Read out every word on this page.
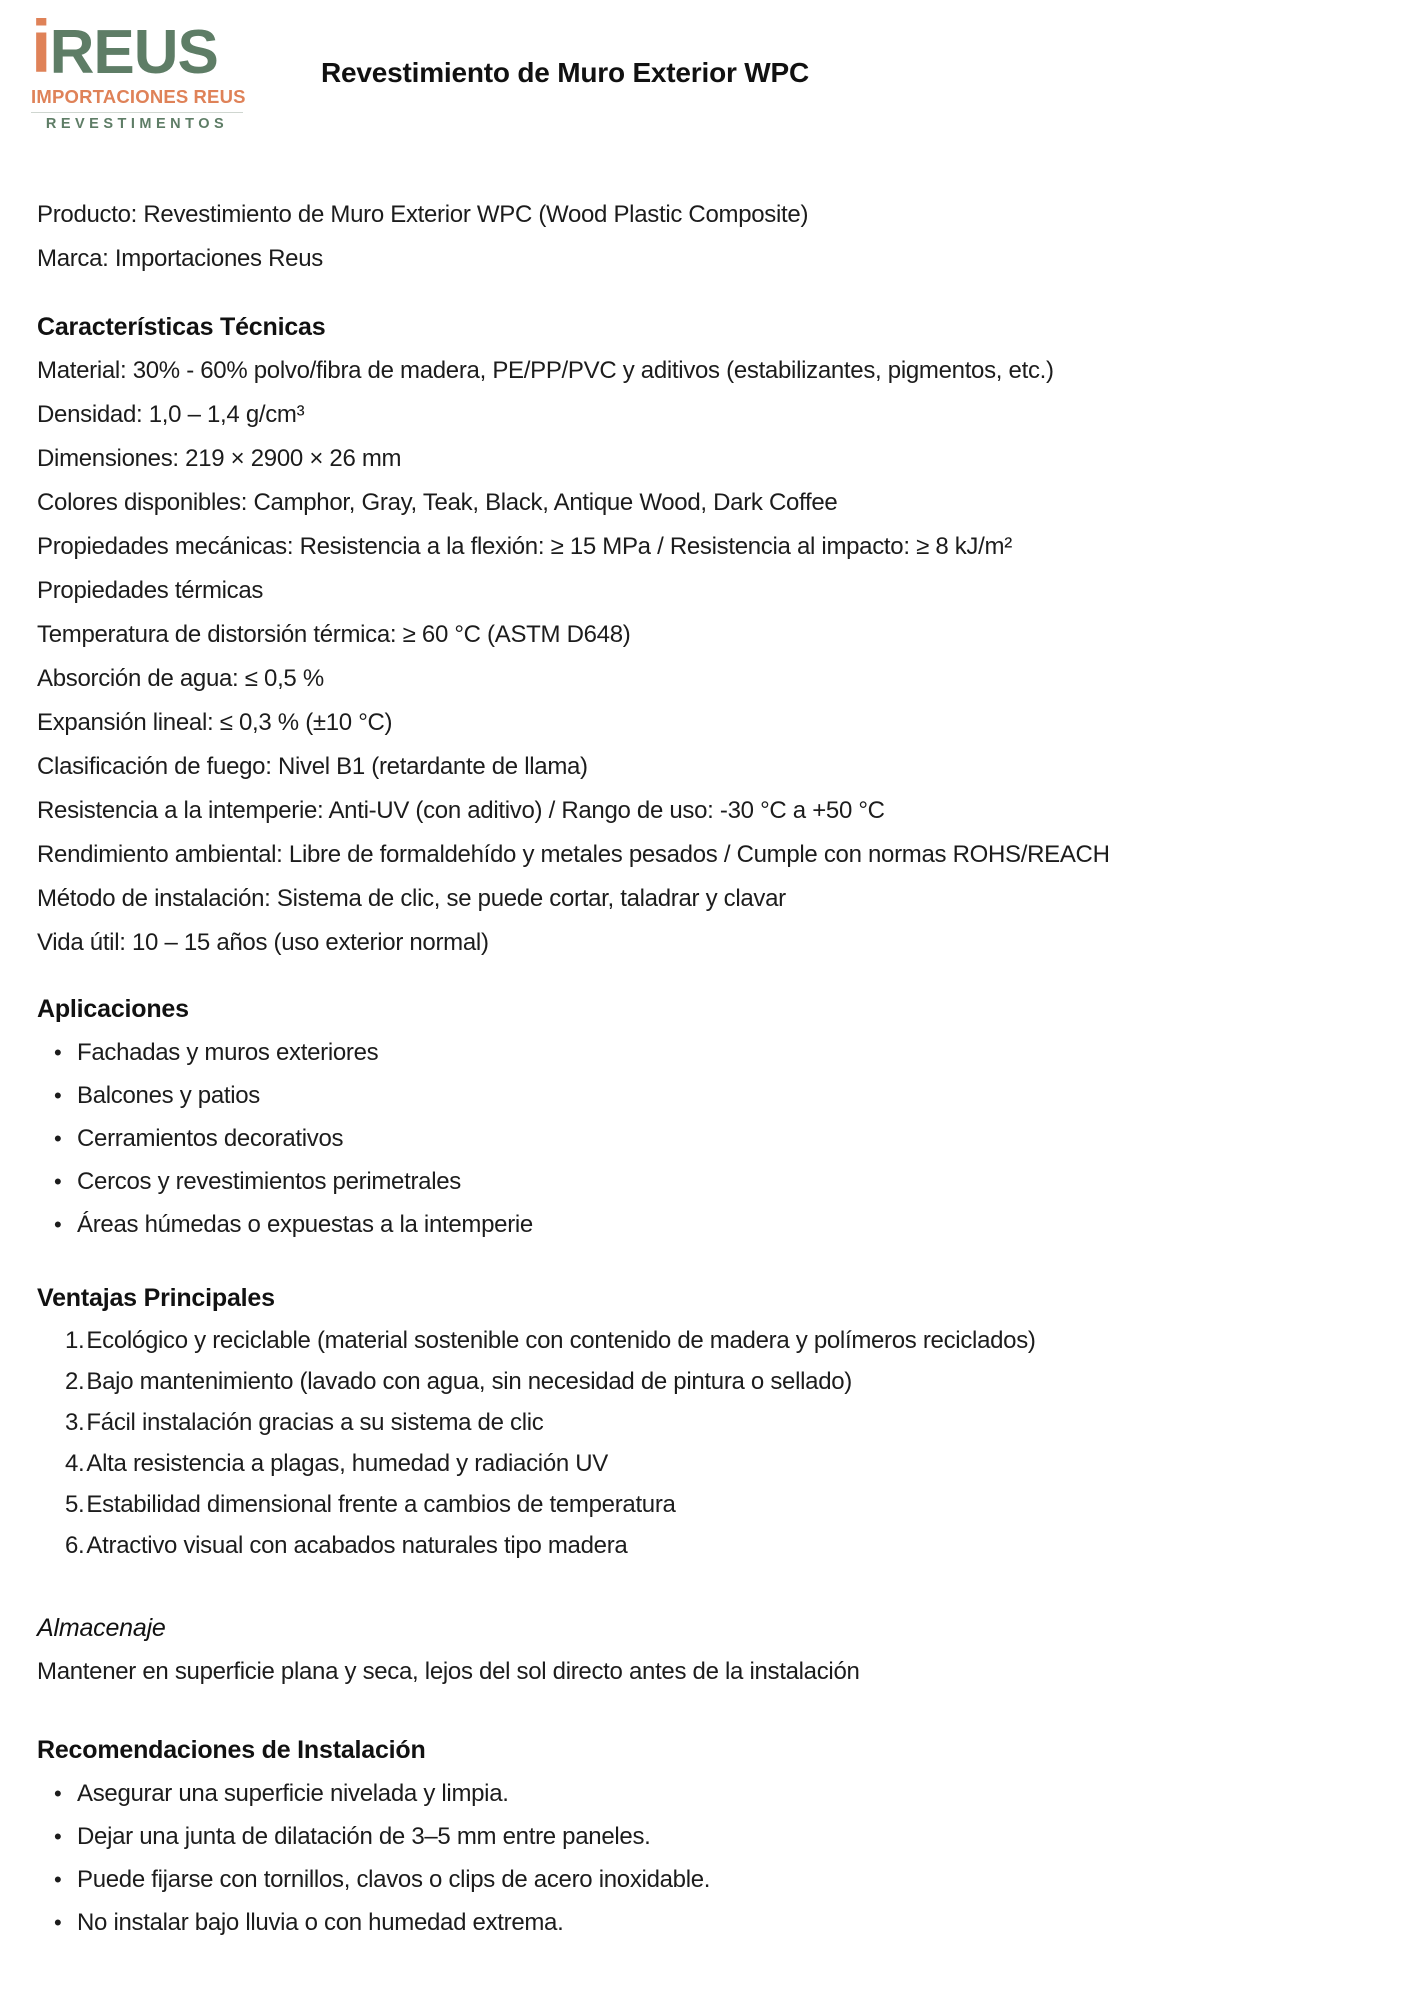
i REUS
IMPORTACIONES REUS
REVESTIMENTOS
Revestimiento de Muro Exterior WPC
Producto: Revestimiento de Muro Exterior WPC (Wood Plastic Composite)
Marca: Importaciones Reus
Características Técnicas
Material: 30% - 60% polvo/fibra de madera, PE/PP/PVC y aditivos (estabilizantes, pigmentos, etc.)
Densidad: 1,0 – 1,4 g/cm³
Dimensiones: 219 × 2900 × 26 mm
Colores disponibles: Camphor, Gray, Teak, Black, Antique Wood, Dark Coffee
Propiedades mecánicas: Resistencia a la flexión: ≥ 15 MPa / Resistencia al impacto: ≥ 8 kJ/m²
Propiedades térmicas
Temperatura de distorsión térmica: ≥ 60 °C (ASTM D648)
Absorción de agua: ≤ 0,5 %
Expansión lineal: ≤ 0,3 % (±10 °C)
Clasificación de fuego: Nivel B1 (retardante de llama)
Resistencia a la intemperie: Anti-UV (con aditivo) / Rango de uso: -30 °C a +50 °C
Rendimiento ambiental: Libre de formaldehído y metales pesados / Cumple con normas ROHS/REACH
Método de instalación: Sistema de clic, se puede cortar, taladrar y clavar
Vida útil: 10 – 15 años (uso exterior normal)
Aplicaciones
• Fachadas y muros exteriores
• Balcones y patios
• Cerramientos decorativos
• Cercos y revestimientos perimetrales
• Áreas húmedas o expuestas a la intemperie
Ventajas Principales
1.Ecológico y reciclable (material sostenible con contenido de madera y polímeros reciclados)
2.Bajo mantenimiento (lavado con agua, sin necesidad de pintura o sellado)
3.Fácil instalación gracias a su sistema de clic
4.Alta resistencia a plagas, humedad y radiación UV
5.Estabilidad dimensional frente a cambios de temperatura
6.Atractivo visual con acabados naturales tipo madera
Almacenaje
Mantener en superficie plana y seca, lejos del sol directo antes de la instalación
Recomendaciones de Instalación
• Asegurar una superficie nivelada y limpia.
• Dejar una junta de dilatación de 3–5 mm entre paneles.
• Puede fijarse con tornillos, clavos o clips de acero inoxidable.
• No instalar bajo lluvia o con humedad extrema.
